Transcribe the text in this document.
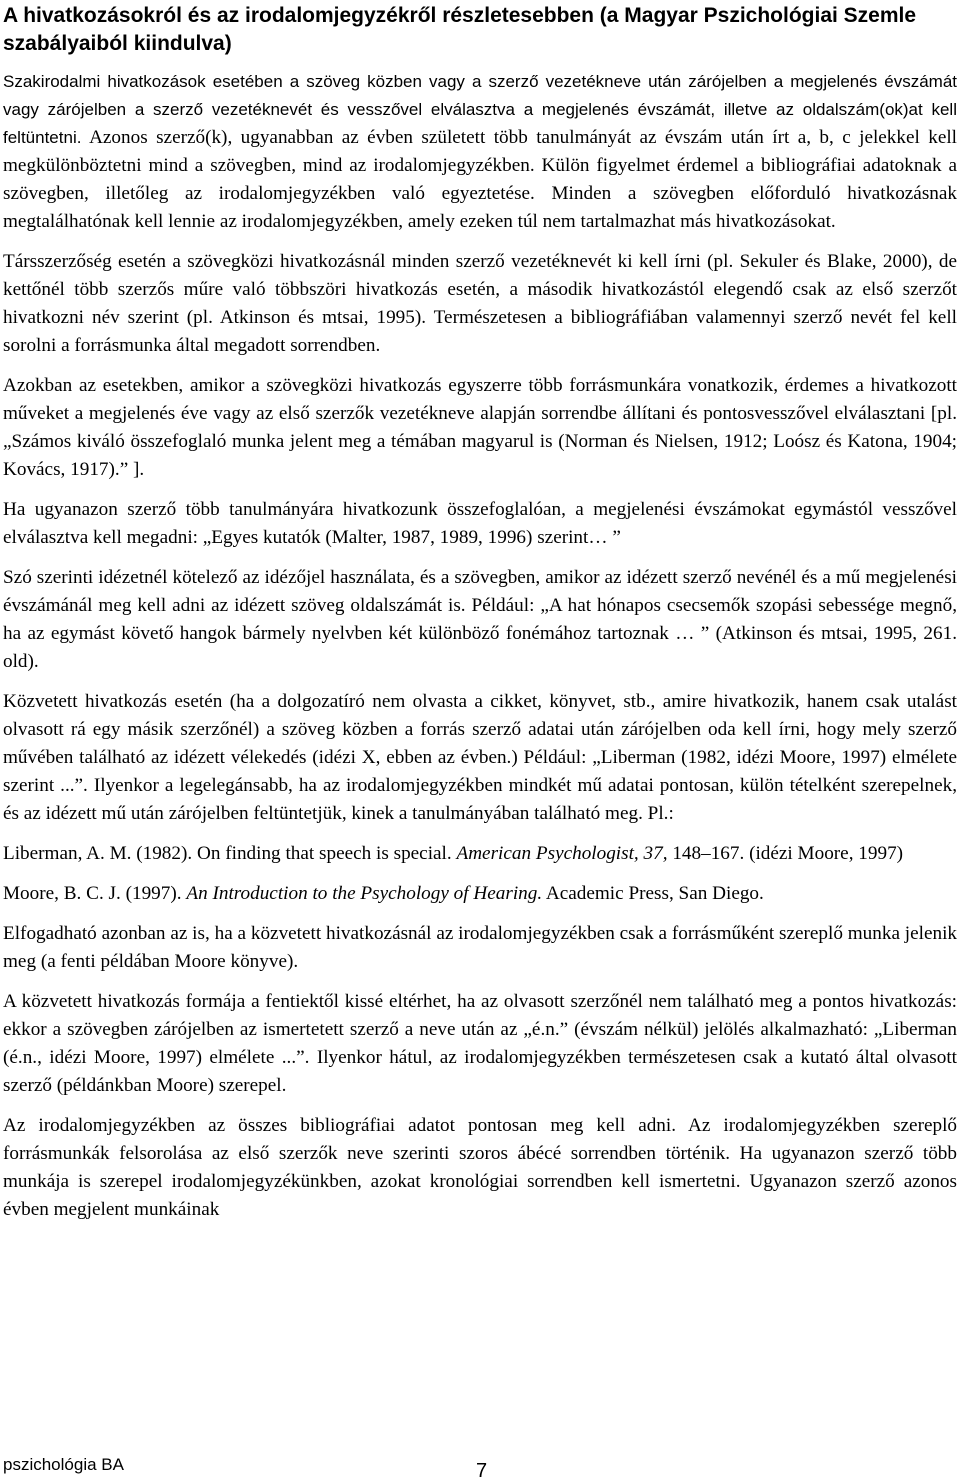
A hivatkozásokról és az irodalomjegyzékről részletesebben (a Magyar Pszichológiai Szemle szabályaiból kiindulva)

Szakirodalmi hivatkozások esetében a szöveg közben vagy a szerző vezetékneve után zárójelben a megjelenés évszámát vagy zárójelben a szerző vezetéknevét és vesszővel elválasztva a megjelenés évszámát, illetve az oldalszám(ok)at kell feltüntetni. Azonos szerző(k), ugyanabban az évben született több tanulmányát az évszám után írt a, b, c jelekkel kell megkülönböztetni mind a szövegben, mind az irodalomjegyzékben. Külön figyelmet érdemel a bibliográfiai adatoknak a szövegben, illetőleg az irodalomjegyzékben való egyeztetése. Minden a szövegben előforduló hivatkozásnak megtalálhatónak kell lennie az irodalomjegyzékben, amely ezeken túl nem tartalmazhat más hivatkozásokat.

Társszerzőség esetén a szövegközi hivatkozásnál minden szerző vezetéknevét ki kell írni (pl. Sekuler és Blake, 2000), de kettőnél több szerzős műre való többszöri hivatkozás esetén, a második hivatkozástól elegendő csak az első szerzőt hivatkozni név szerint (pl. Atkinson és mtsai, 1995). Természetesen a bibliográfiában valamennyi szerző nevét fel kell sorolni a forrásmunka által megadott sorrendben.

Azokban az esetekben, amikor a szövegközi hivatkozás egyszerre több forrásmunkára vonatkozik, érdemes a hivatkozott műveket a megjelenés éve vagy az első szerzők vezetékneve alapján sorrendbe állítani és pontosvesszővel elválasztani [pl. „Számos kiváló összefoglaló munka jelent meg a témában magyarul is (Norman és Nielsen, 1912; Loósz és Katona, 1904; Kovács, 1917).” ].

Ha ugyanazon szerző több tanulmányára hivatkozunk összefoglalóan, a megjelenési évszámokat egymástól vesszővel elválasztva kell megadni: „Egyes kutatók (Malter, 1987, 1989, 1996) szerint… ”

Szó szerinti idézetnél kötelező az idézőjel használata, és a szövegben, amikor az idézett szerző nevénél és a mű megjelenési évszámánál meg kell adni az idézett szöveg oldalszámát is. Például: „A hat hónapos csecsemők szopási sebessége megnő, ha az egymást követő hangok bármely nyelvben két különböző fonémához tartoznak … ” (Atkinson és mtsai, 1995, 261. old).

Közvetett hivatkozás esetén (ha a dolgozatíró nem olvasta a cikket, könyvet, stb., amire hivatkozik, hanem csak utalást olvasott rá egy másik szerzőnél) a szöveg közben a forrás szerző adatai után zárójelben oda kell írni, hogy mely szerző művében található az idézett vélekedés (idézi X, ebben az évben.) Például: „Liberman (1982, idézi Moore, 1997) elmélete szerint ...”. Ilyenkor a legelegánsabb, ha az irodalomjegyzékben mindkét mű adatai pontosan, külön tételként szerepelnek, és az idézett mű után zárójelben feltüntetjük, kinek a tanulmányában található meg. Pl.:

Liberman, A. M. (1982). On finding that speech is special. American Psychologist, 37, 148–167. (idézi Moore, 1997)

Moore, B. C. J. (1997). An Introduction to the Psychology of Hearing. Academic Press, San Diego.

Elfogadható azonban az is, ha a közvetett hivatkozásnál az irodalomjegyzékben csak a forrásműként szereplő munka jelenik meg (a fenti példában Moore könyve).

A közvetett hivatkozás formája a fentiektől kissé eltérhet, ha az olvasott szerzőnél nem található meg a pontos hivatkozás: ekkor a szövegben zárójelben az ismertetett szerző a neve után az „é.n.” (évszám nélkül) jelölés alkalmazható: „Liberman (é.n., idézi Moore, 1997) elmélete ...”. Ilyenkor hátul, az irodalomjegyzékben természetesen csak a kutató által olvasott szerző (példánkban Moore) szerepel.

Az irodalomjegyzékben az összes bibliográfiai adatot pontosan meg kell adni. Az irodalomjegyzékben szereplő forrásmunkák felsorolása az első szerzők neve szerinti szoros ábécé sorrendben történik. Ha ugyanazon szerző több munkája is szerepel irodalomjegyzékünkben, azokat kronológiai sorrendben kell ismertetni. Ugyanazon szerző azonos évben megjelent munkáinak

pszichológia BA	7
